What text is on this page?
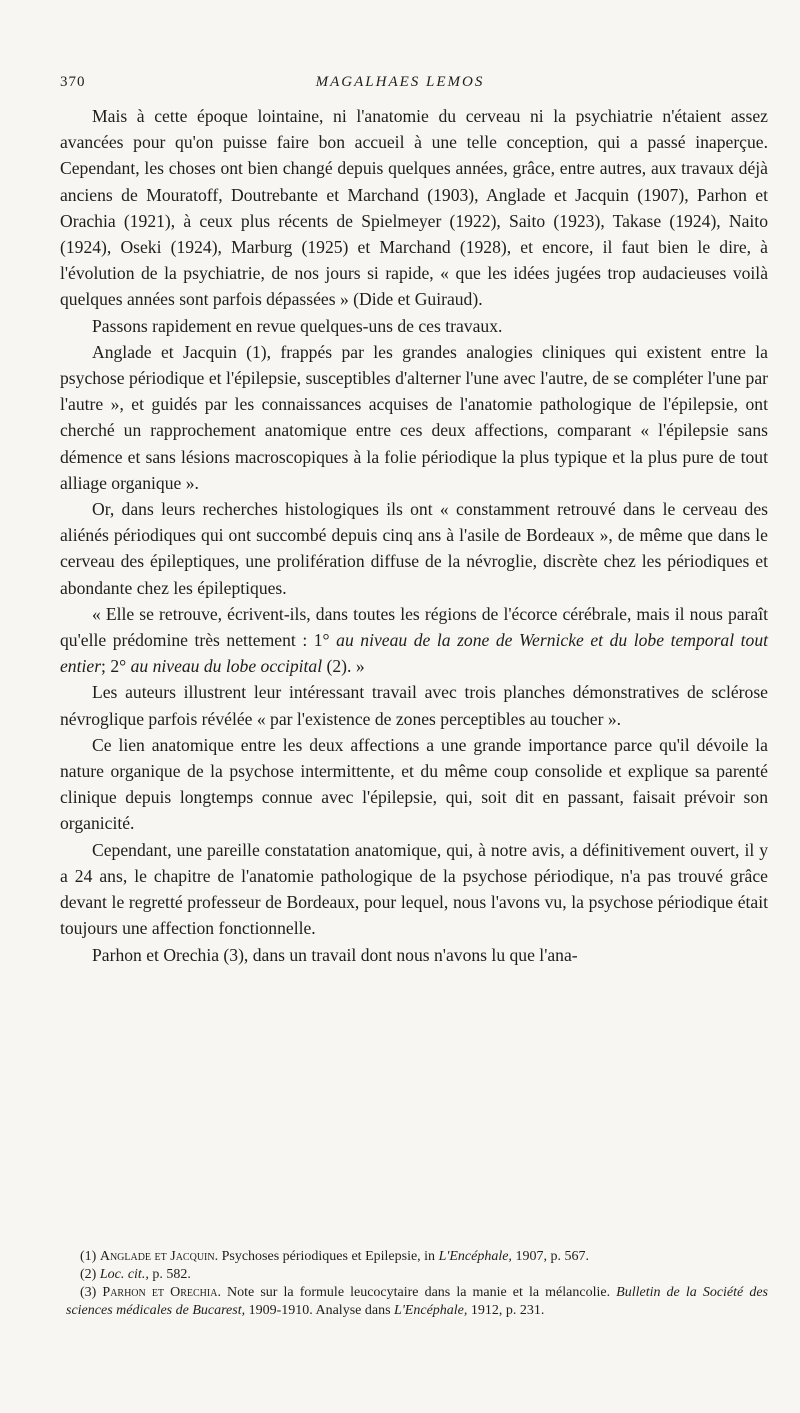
370	MAGALHAES LEMOS

Mais à cette époque lointaine, ni l'anatomie du cerveau ni la psychiatrie n'étaient assez avancées pour qu'on puisse faire bon accueil à une telle conception, qui a passé inaperçue. Cependant, les choses ont bien changé depuis quelques années, grâce, entre autres, aux travaux déjà anciens de Mouratoff, Doutrebante et Marchand (1903), Anglade et Jacquin (1907), Parhon et Orachia (1921), à ceux plus récents de Spielmeyer (1922), Saito (1923), Takase (1924), Naito (1924), Oseki (1924), Marburg (1925) et Marchand (1928), et encore, il faut bien le dire, à l'évolution de la psychiatrie, de nos jours si rapide, « que les idées jugées trop audacieuses voilà quelques années sont parfois dépassées » (Dide et Guiraud).

Passons rapidement en revue quelques-uns de ces travaux.

Anglade et Jacquin (1), frappés par les grandes analogies cliniques qui existent entre la psychose périodique et l'épilepsie, susceptibles d'alterner l'une avec l'autre, de se compléter l'une par l'autre », et guidés par les connaissances acquises de l'anatomie pathologique de l'épilepsie, ont cherché un rapprochement anatomique entre ces deux affections, comparant « l'épilepsie sans démence et sans lésions macroscopiques à la folie périodique la plus typique et la plus pure de tout alliage organique ».

Or, dans leurs recherches histologiques ils ont « constamment retrouvé dans le cerveau des aliénés périodiques qui ont succombé depuis cinq ans à l'asile de Bordeaux », de même que dans le cerveau des épileptiques, une prolifération diffuse de la névroglie, discrète chez les périodiques et abondante chez les épileptiques.

« Elle se retrouve, écrivent-ils, dans toutes les régions de l'écorce cérébrale, mais il nous paraît qu'elle prédomine très nettement : 1° au niveau de la zone de Wernicke et du lobe temporal tout entier; 2° au niveau du lobe occipital (2). »

Les auteurs illustrent leur intéressant travail avec trois planches démonstratives de sclérose névroglique parfois révélée « par l'existence de zones perceptibles au toucher ».

Ce lien anatomique entre les deux affections a une grande importance parce qu'il dévoile la nature organique de la psychose intermittente, et du même coup consolide et explique sa parenté clinique depuis longtemps connue avec l'épilepsie, qui, soit dit en passant, faisait prévoir son organicité.

Cependant, une pareille constatation anatomique, qui, à notre avis, a définitivement ouvert, il y a 24 ans, le chapitre de l'anatomie pathologique de la psychose périodique, n'a pas trouvé grâce devant le regretté professeur de Bordeaux, pour lequel, nous l'avons vu, la psychose périodique était toujours une affection fonctionnelle.

Parhon et Orechia (3), dans un travail dont nous n'avons lu que l'ana-

(1) Anglade et Jacquin. Psychoses périodiques et Epilepsie, in L'Encéphale, 1907, p. 567.

(2) Loc. cit., p. 582.

(3) Parhon et Orechia. Note sur la formule leucocytaire dans la manie et la mélancolie. Bulletin de la Société des sciences médicales de Bucarest, 1909-1910. Analyse dans L'Encéphale, 1912, p. 231.
